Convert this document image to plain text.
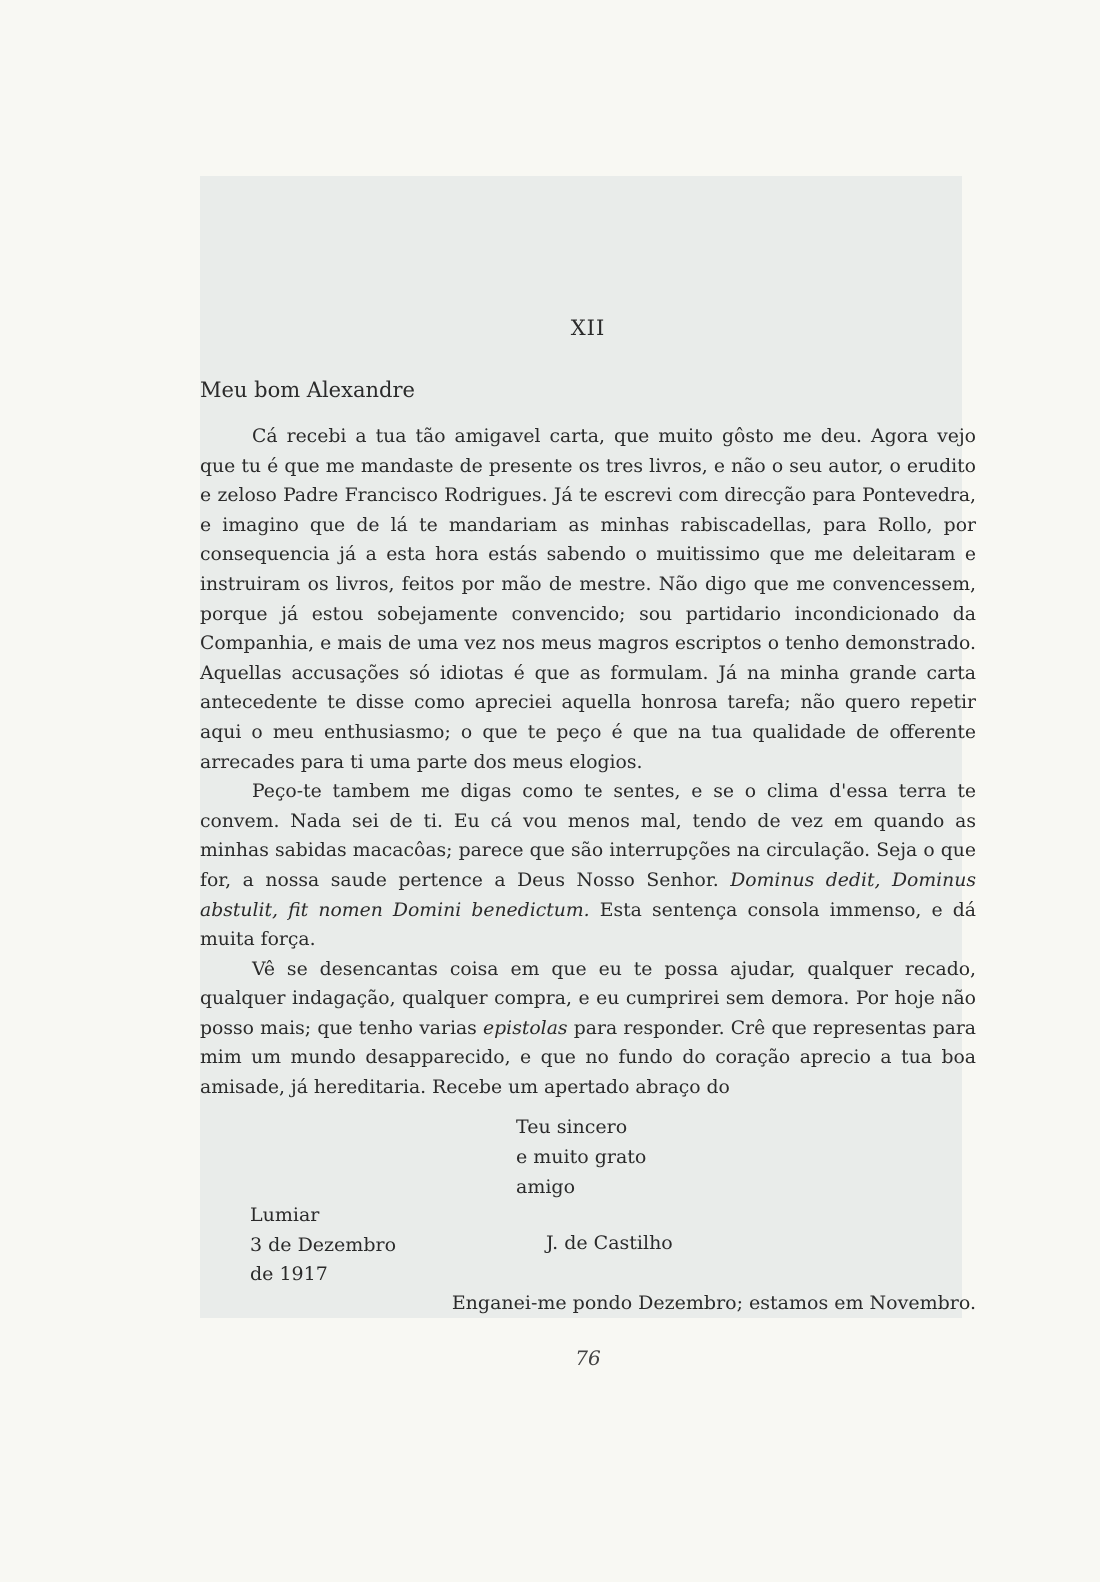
XII
Meu bom Alexandre

Cá recebi a tua tão amigavel carta, que muito gôsto me deu. Agora vejo que tu é que me mandaste de presente os tres livros, e não o seu autor, o erudito e zeloso Padre Francisco Rodrigues. Já te escrevi com direcção para Pontevedra, e imagino que de lá te mandariam as minhas rabiscadellas, para Rollo, por consequencia já a esta hora estás sabendo o muitissimo que me deleitaram e instruiram os livros, feitos por mão de mestre. Não digo que me convencessem, porque já estou sobejamente convencido; sou partidario incondicionado da Companhia, e mais de uma vez nos meus magros escriptos o tenho demonstrado. Aquellas accusações só idiotas é que as formulam. Já na minha grande carta antecedente te disse como apreciei aquella honrosa tarefa; não quero repetir aqui o meu enthusiasmo; o que te peço é que na tua qualidade de offerente arrecades para ti uma parte dos meus elogios.

Peço-te tambem me digas como te sentes, e se o clima d'essa terra te convem. Nada sei de ti. Eu cá vou menos mal, tendo de vez em quando as minhas sabidas macacôas; parece que são interrupções na circulação. Seja o que for, a nossa saude pertence a Deus Nosso Senhor. Dominus dedit, Dominus abstulit, fit nomen Domini benedictum. Esta sentença consola immenso, e dá muita força.

Vê se desencantas coisa em que eu te possa ajudar, qualquer recado, qualquer indagação, qualquer compra, e eu cumprirei sem demora. Por hoje não posso mais; que tenho varias epistolas para responder. Crê que representas para mim um mundo desapparecido, e que no fundo do coração aprecio a tua boa amisade, já hereditaria. Recebe um apertado abraço do

Teu sincero
e muito grato
amigo
Lumiar
3 de Dezembro
de 1917
J. de Castilho
Enganei-me pondo Dezembro; estamos em Novembro.
76
